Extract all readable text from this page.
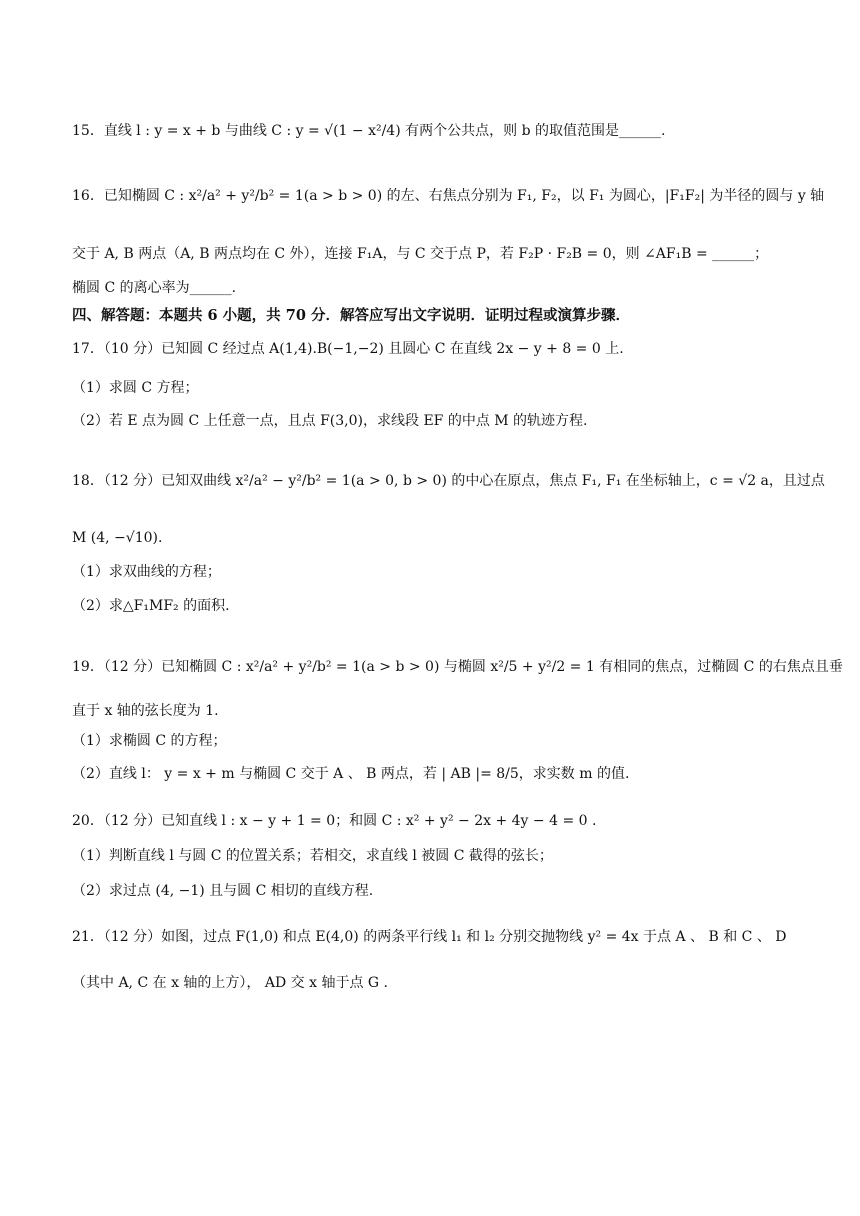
15．直线 l : y = x + b 与曲线 C : y = √(1 − x²/4) 有两个公共点，则 b 的取值范围是______.
16．已知椭圆 C : x²/a² + y²/b² = 1(a > b > 0) 的左、右焦点分别为 F₁, F₂，以 F₁ 为圆心，|F₁F₂| 为半径的圆与 y 轴
交于 A, B 两点（A, B 两点均在 C 外），连接 F₁A，与 C 交于点 P，若 F₂P · F₂B = 0，则 ∠AF₁B = ______；
椭圆 C 的离心率为______.
四、解答题：本题共 6 小题，共 70 分．解答应写出文字说明．证明过程或演算步骤．
17．（10 分）已知圆 C 经过点 A(1,4).B(−1,−2) 且圆心 C 在直线 2x − y + 8 = 0 上.
（1）求圆 C 方程；
（2）若 E 点为圆 C 上任意一点，且点 F(3,0)，求线段 EF 的中点 M 的轨迹方程.
18．（12 分）已知双曲线 x²/a² − y²/b² = 1(a > 0, b > 0) 的中心在原点，焦点 F₁, F₁ 在坐标轴上，c = √2 a，且过点
M (4, −√10).
（1）求双曲线的方程；
（2）求△F₁MF₂ 的面积.
19．（12 分）已知椭圆 C : x²/a² + y²/b² = 1(a > b > 0) 与椭圆 x²/5 + y²/2 = 1 有相同的焦点，过椭圆 C 的右焦点且垂
直于 x 轴的弦长度为 1.
（1）求椭圆 C 的方程；
（2）直线 l： y = x + m 与椭圆 C 交于 A 、 B 两点，若 | AB |= 8/5，求实数 m 的值.
20．（12 分）已知直线 l : x − y + 1 = 0；和圆 C : x² + y² − 2x + 4y − 4 = 0 .
（1）判断直线 l 与圆 C 的位置关系；若相交，求直线 l 被圆 C 截得的弦长；
（2）求过点 (4, −1) 且与圆 C 相切的直线方程.
21．（12 分）如图，过点 F(1,0) 和点 E(4,0) 的两条平行线 l₁ 和 l₂ 分别交抛物线 y² = 4x 于点 A 、 B 和 C 、 D
（其中 A, C 在 x 轴的上方）， AD 交 x 轴于点 G .
